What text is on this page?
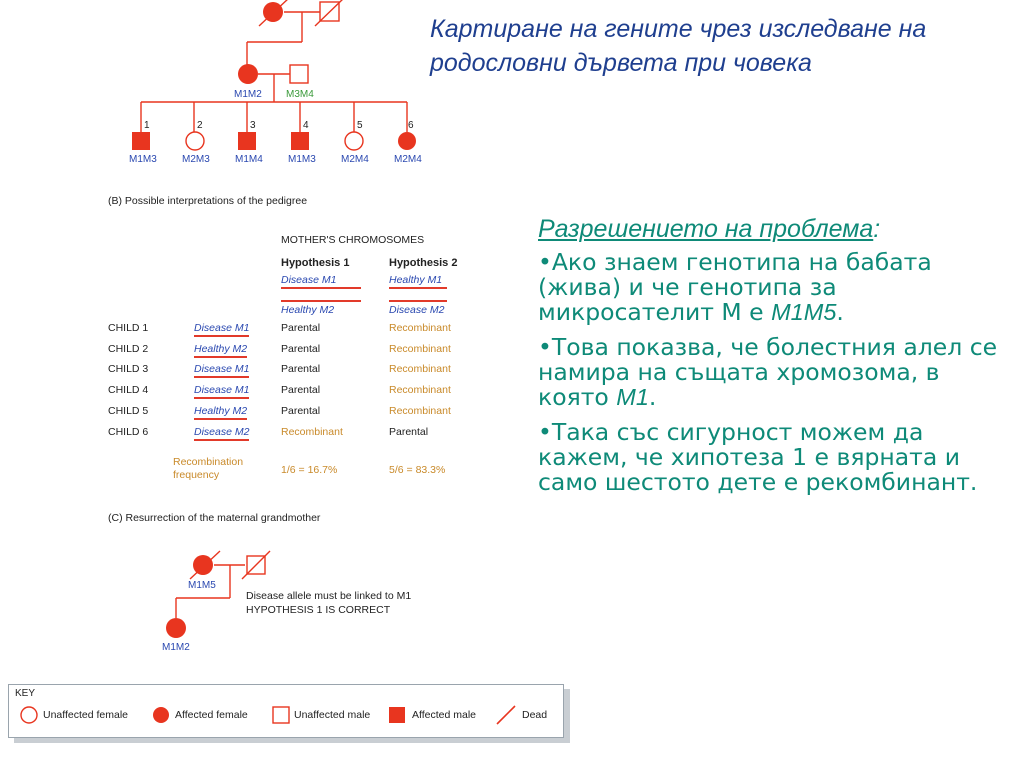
Картиране на гените чрез изследване на родословни дървета при човека
M1M2 M3M4
1	2	3	4	5	6
M1M3	M2M3	M1M4	M1M3	M2M4	M2M4
(B) Possible interpretations of the pedigree
MOTHER'S CHROMOSOMES
Hypothesis 1	Hypothesis 2
Disease M1
Healthy M2
Healthy M1
Disease M2
CHILD 1	Disease M1	Parental	Recombinant
CHILD 2	Healthy M2	Parental	Recombinant
CHILD 3	Disease M1	Parental	Recombinant
CHILD 4	Disease M1	Parental	Recombinant
CHILD 5	Healthy M2	Parental	Recombinant
CHILD 6	Disease M2	Recombinant	Parental
Recombination
frequency	1/6 = 16.7%	5/6 = 83.3%
(C) Resurrection of the maternal grandmother
M1M5
M1M2
Disease allele must be linked to M1
HYPOTHESIS 1 IS CORRECT
KEY
Unaffected female	Affected female	Unaffected male	Affected male	Dead
Разрешението на проблема:
•Ако знаем генотипа на бабата (жива) и че генотипа за микросателит М е M1M5.
•Това показва, че болестния алел се намира на същата хромозома, в която M1.
•Така със сигурност можем да кажем, че хипотеза 1 е вярната и само шестото дете е рекомбинант.
